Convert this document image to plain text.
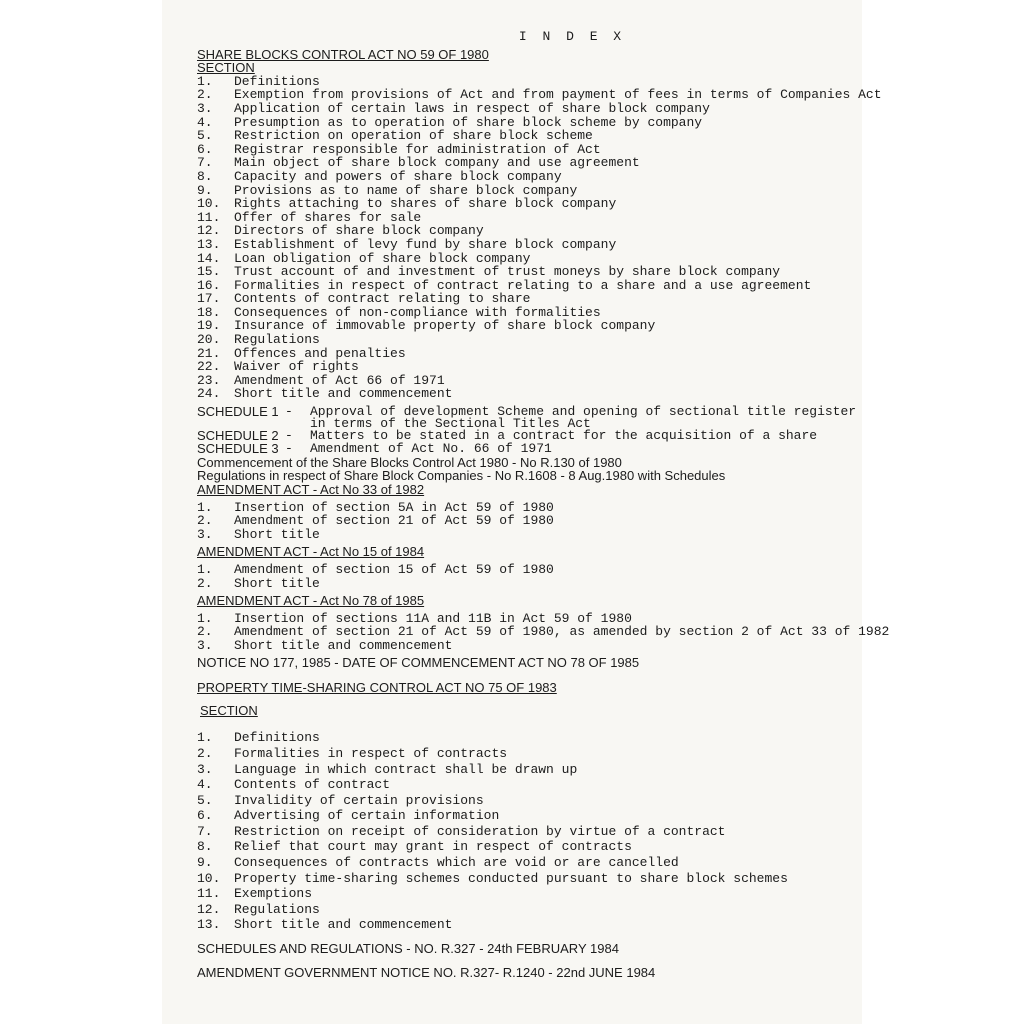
I N D E X
SHARE BLOCKS CONTROL ACT NO 59 OF 1980
SECTION
1.	Definitions
2.	Exemption from provisions of Act and from payment of fees in terms of Companies Act
3.	Application of certain laws in respect of share block company
4.	Presumption as to operation of share block scheme by company
5.	Restriction on operation of share block scheme
6.	Registrar responsible for administration of Act
7.	Main object of share block company and use agreement
8.	Capacity and powers of share block company
9.	Provisions as to name of share block company
10.	Rights attaching to shares of share block company
11.	Offer of shares for sale
12.	Directors of share block company
13.	Establishment of levy fund by share block company
14.	Loan obligation of share block company
15.	Trust account of and investment of trust moneys by share block company
16.	Formalities in respect of contract relating to a share and a use agreement
17.	Contents of contract relating to share
18.	Consequences of non-compliance with formalities
19.	Insurance of immovable property of share block company
20.	Regulations
21.	Offences and penalties
22.	Waiver of rights
23.	Amendment of Act 66 of 1971
24.	Short title and commencement
SCHEDULE 1 -	Approval of development Scheme and opening of sectional title register
in terms of the Sectional Titles Act
SCHEDULE 2 -	Matters to be stated in a contract for the acquisition of a share
SCHEDULE 3 -	Amendment of Act No. 66 of 1971
Commencement of the Share Blocks Control Act 1980 - No R.130 of 1980
Regulations in respect of Share Block Companies - No R.1608 - 8 Aug.1980 with Schedules
AMENDMENT ACT - Act No 33 of 1982
1.	Insertion of section 5A in Act 59 of 1980
2.	Amendment of section 21 of Act 59 of 1980
3.	Short title
AMENDMENT ACT - Act No 15 of 1984
1.	Amendment of section 15 of Act 59 of 1980
2.	Short title
AMENDMENT ACT - Act No 78 of 1985
1.	Insertion of sections 11A and 11B in Act 59 of 1980
2.	Amendment of section 21 of Act 59 of 1980, as amended by section 2 of Act 33 of 1982
3.	Short title and commencement
NOTICE NO 177, 1985 - DATE OF COMMENCEMENT ACT NO 78 OF 1985
PROPERTY TIME-SHARING CONTROL ACT NO 75 OF 1983
SECTION
1.	Definitions
2.	Formalities in respect of contracts
3.	Language in which contract shall be drawn up
4.	Contents of contract
5.	Invalidity of certain provisions
6.	Advertising of certain information
7.	Restriction on receipt of consideration by virtue of a contract
8.	Relief that court may grant in respect of contracts
9.	Consequences of contracts which are void or are cancelled
10.	Property time-sharing schemes conducted pursuant to share block schemes
11.	Exemptions
12.	Regulations
13.	Short title and commencement
SCHEDULES AND REGULATIONS - NO. R.327 - 24th FEBRUARY 1984
AMENDMENT GOVERNMENT NOTICE NO. R.327- R.1240 - 22nd JUNE 1984
